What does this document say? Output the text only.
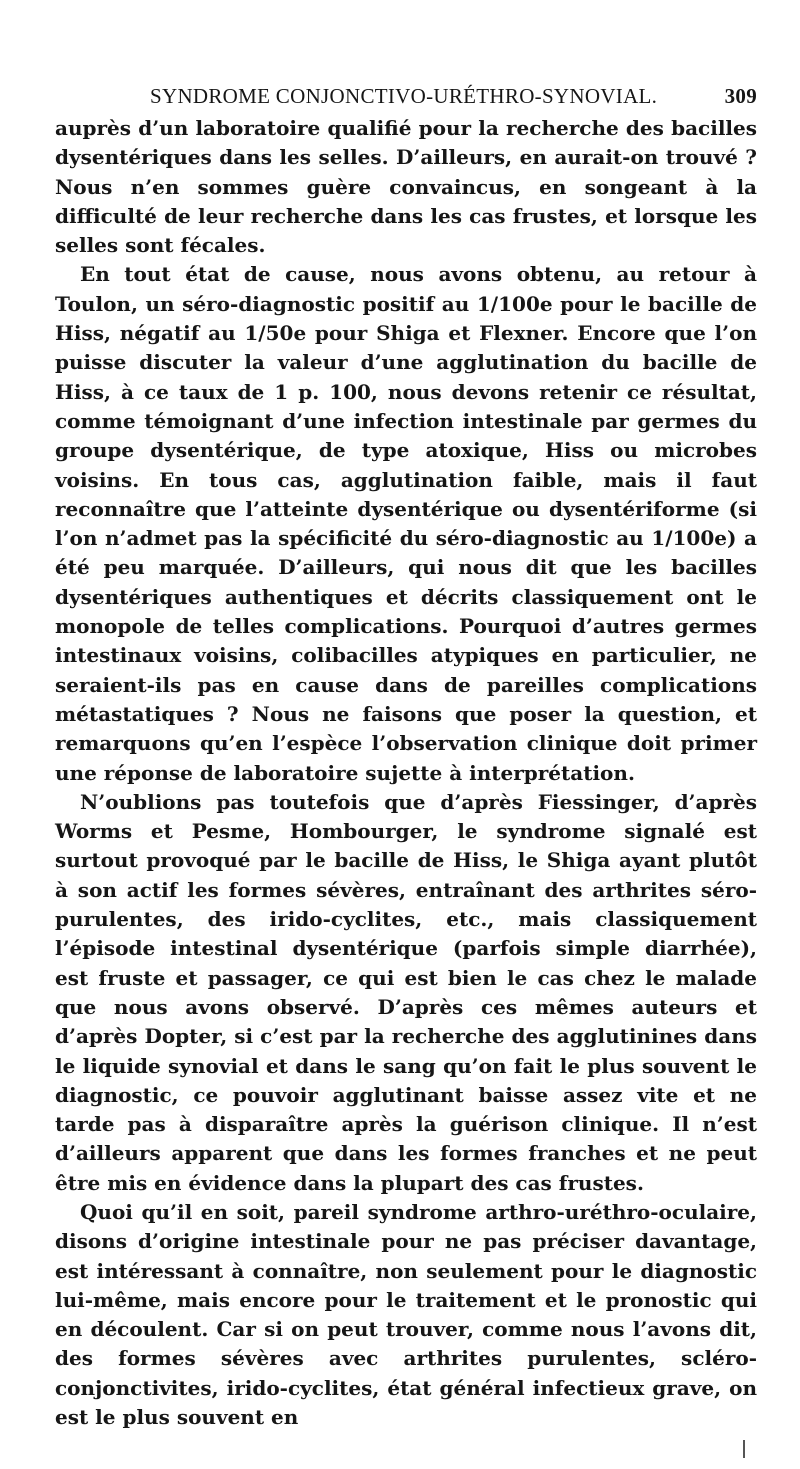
SYNDROME CONJONCTIVO-URÉTHRO-SYNOVIAL.	309

auprès d’un laboratoire qualifié pour la recherche des bacilles dysentériques dans les selles. D’ailleurs, en aurait-on trouvé ? Nous n’en sommes guère convaincus, en songeant à la difficulté de leur recherche dans les cas frustes, et lorsque les selles sont fécales.

En tout état de cause, nous avons obtenu, au retour à Toulon, un séro-diagnostic positif au 1/100e pour le bacille de Hiss, négatif au 1/50e pour Shiga et Flexner. Encore que l’on puisse discuter la valeur d’une agglutination du bacille de Hiss, à ce taux de 1 p. 100, nous devons retenir ce résultat, comme témoignant d’une infection intestinale par germes du groupe dysentérique, de type atoxique, Hiss ou microbes voisins. En tous cas, agglutination faible, mais il faut reconnaître que l’atteinte dysentérique ou dysentériforme (si l’on n’admet pas la spécificité du séro-diagnostic au 1/100e) a été peu marquée. D’ailleurs, qui nous dit que les bacilles dysentériques authentiques et décrits classiquement ont le monopole de telles complications. Pourquoi d’autres germes intestinaux voisins, colibacilles atypiques en particulier, ne seraient-ils pas en cause dans de pareilles complications métastatiques ? Nous ne faisons que poser la question, et remarquons qu’en l’espèce l’observation clinique doit primer une réponse de laboratoire sujette à interprétation.

N’oublions pas toutefois que d’après Fiessinger, d’après Worms et Pesme, Hombourger, le syndrome signalé est surtout provoqué par le bacille de Hiss, le Shiga ayant plutôt à son actif les formes sévères, entraînant des arthrites séro-purulentes, des irido-cyclites, etc., mais classiquement l’épisode intestinal dysentérique (parfois simple diarrhée), est fruste et passager, ce qui est bien le cas chez le malade que nous avons observé. D’après ces mêmes auteurs et d’après Dopter, si c’est par la recherche des agglutinines dans le liquide synovial et dans le sang qu’on fait le plus souvent le diagnostic, ce pouvoir agglutinant baisse assez vite et ne tarde pas à disparaître après la guérison clinique. Il n’est d’ailleurs apparent que dans les formes franches et ne peut être mis en évidence dans la plupart des cas frustes.

Quoi qu’il en soit, pareil syndrome arthro-uréthro-oculaire, disons d’origine intestinale pour ne pas préciser davantage, est intéressant à connaître, non seulement pour le diagnostic lui-même, mais encore pour le traitement et le pronostic qui en découlent. Car si on peut trouver, comme nous l’avons dit, des formes sévères avec arthrites purulentes, scléro-conjonctivites, irido-cyclites, état général infectieux grave, on est le plus souvent en
